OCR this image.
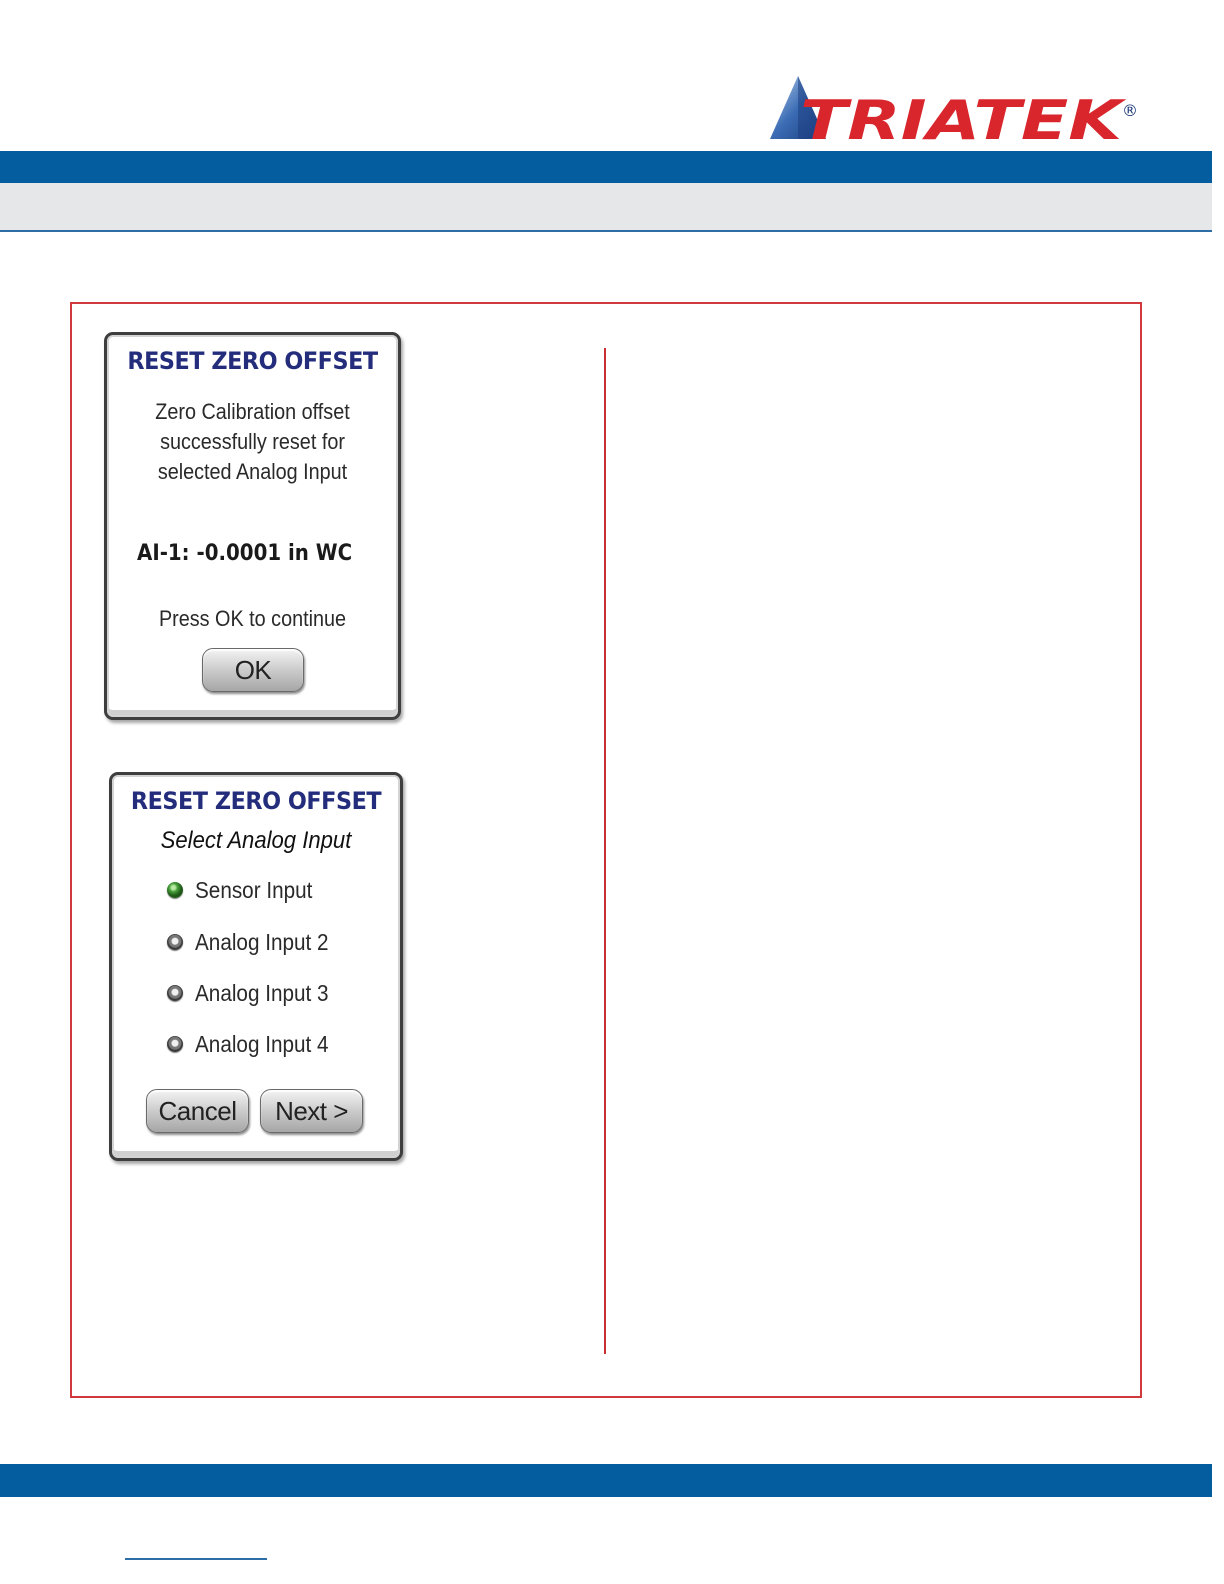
TRIATEK
®
RESET ZERO OFFSET
Zero Calibration offset
successfully reset for
selected Analog Input
AI-1: -0.0001 in WC
Press OK to continue
OK
RESET ZERO OFFSET
Select Analog Input
Sensor Input
Analog Input 2
Analog Input 3
Analog Input 4
Cancel	Next >
